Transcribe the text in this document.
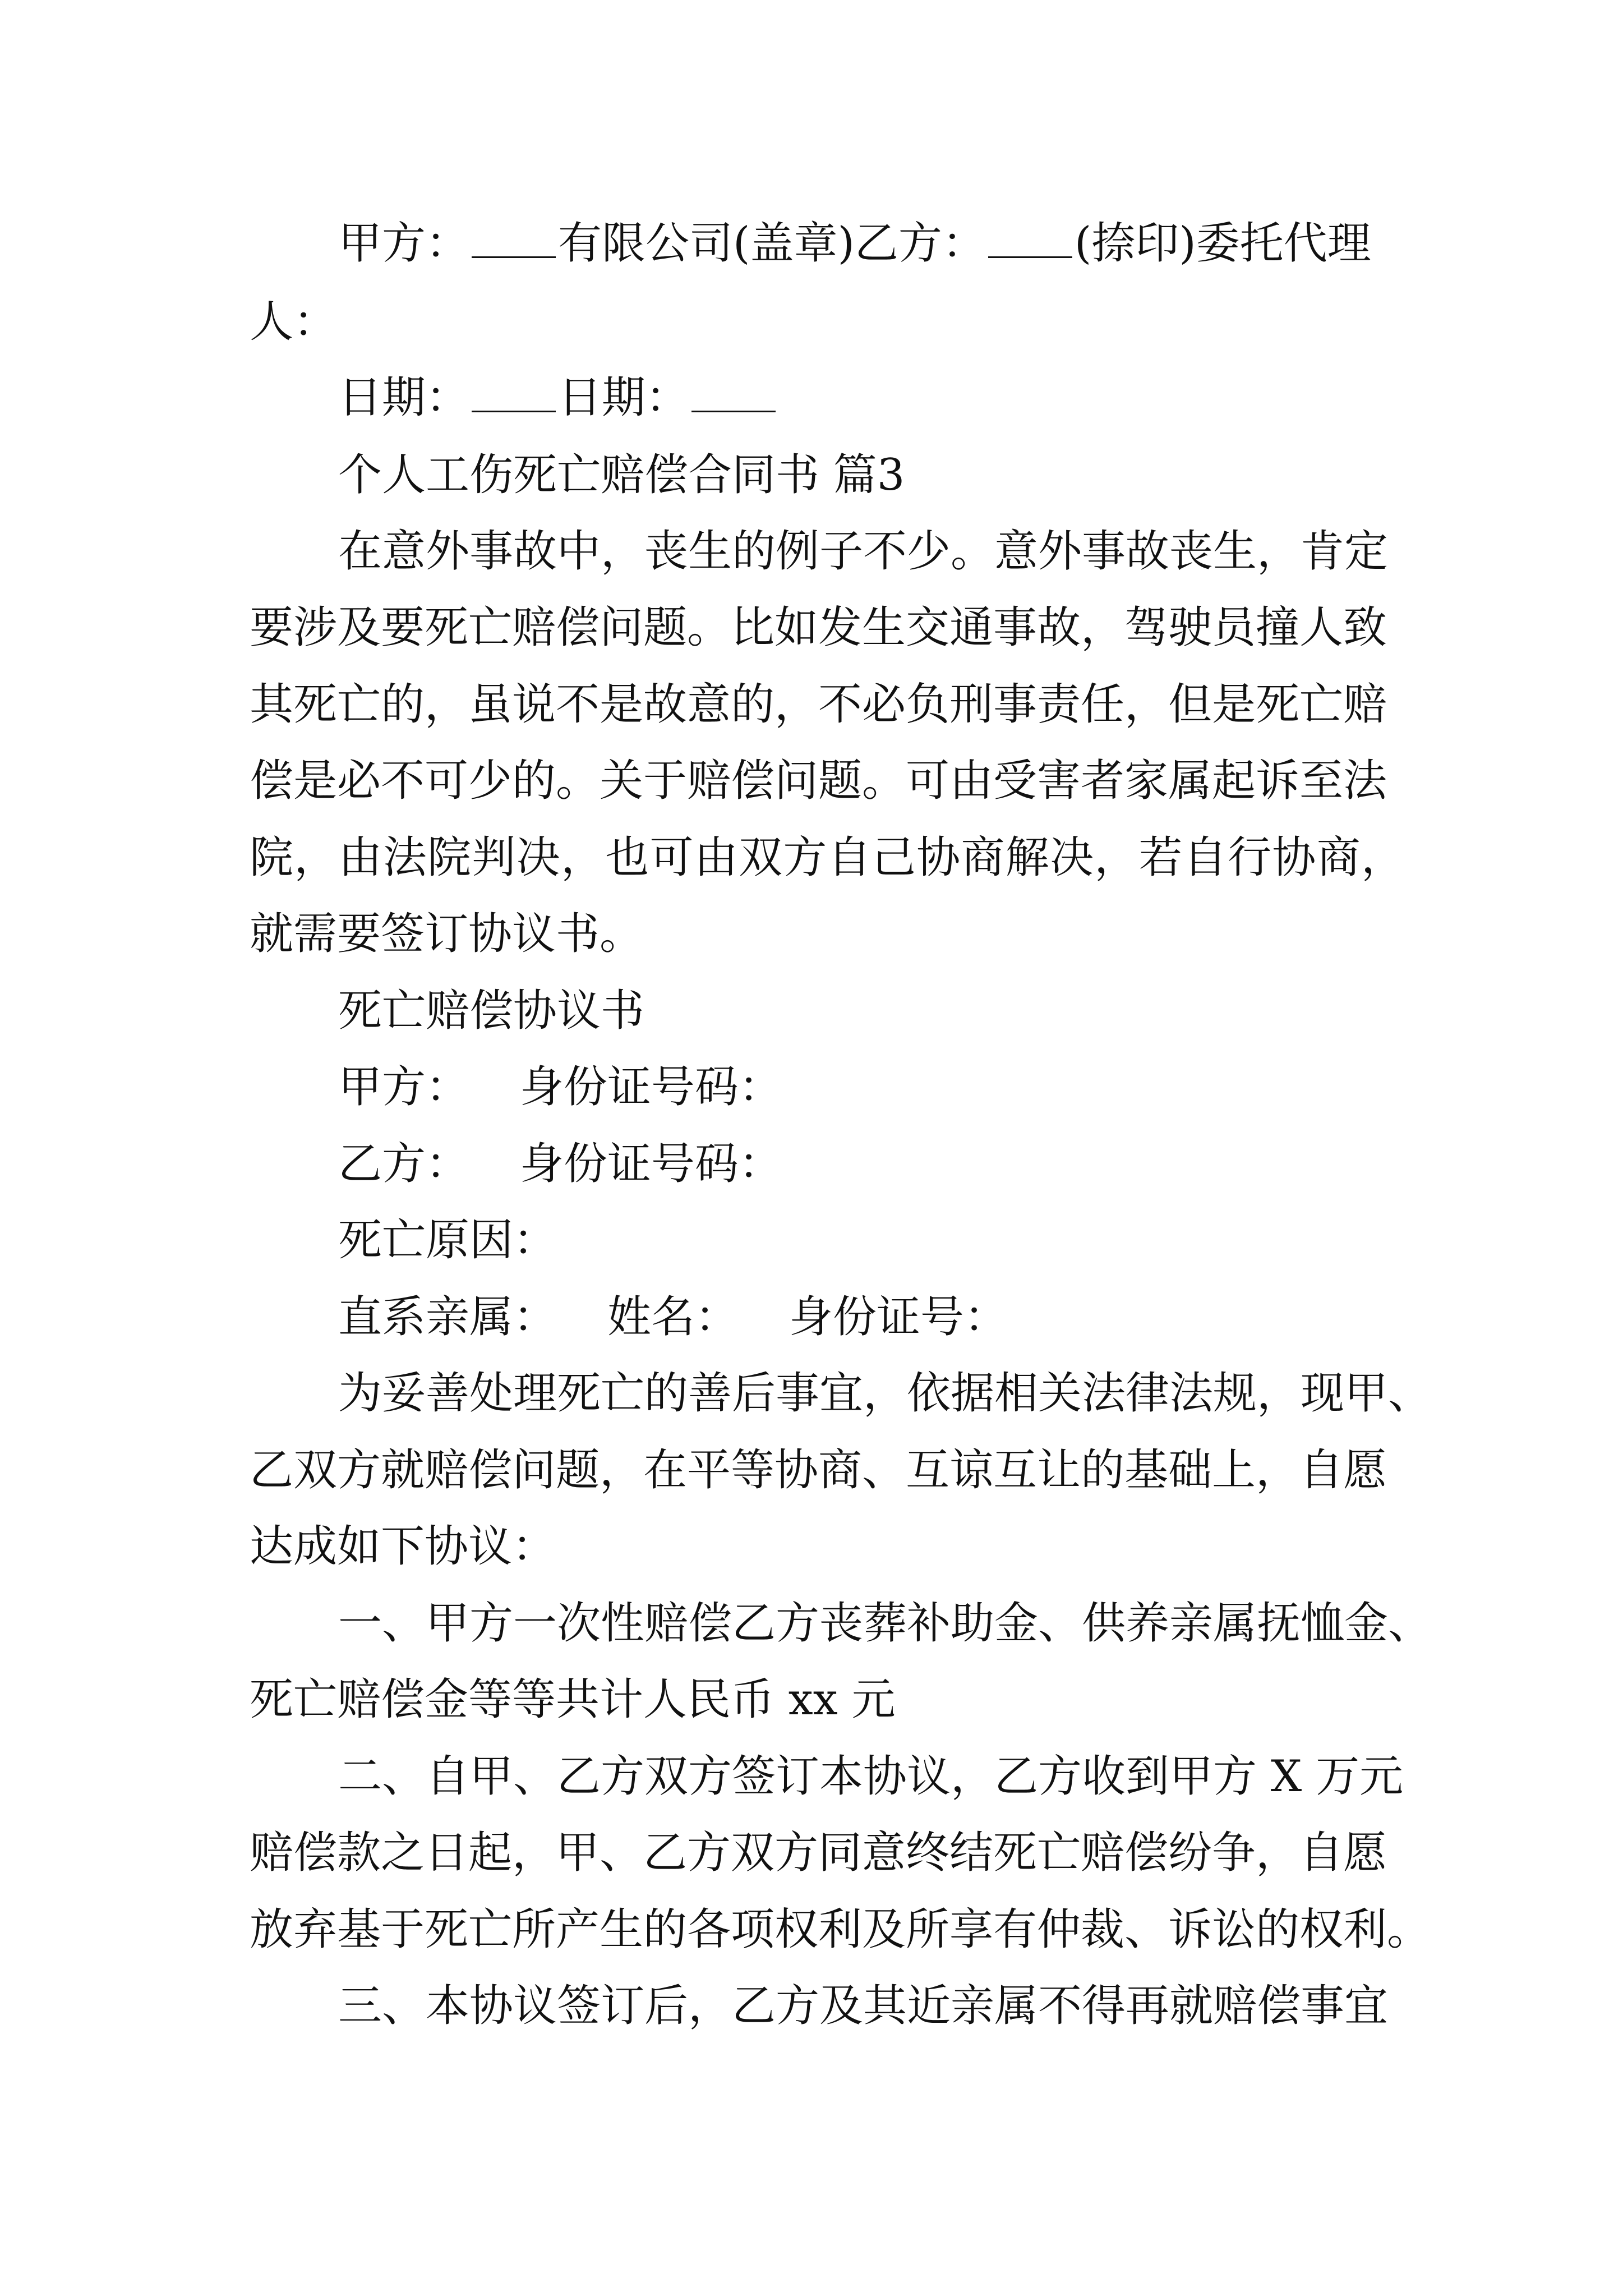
甲方： 有限公司(盖章)乙方： (捺印)委托代理
人：
日期： 日期：
个人工伤死亡赔偿合同书 篇3
在意外事故中，丧生的例子不少。意外事故丧生，肯定
要涉及要死亡赔偿问题。比如发生交通事故，驾驶员撞人致
其死亡的，虽说不是故意的，不必负刑事责任，但是死亡赔
偿是必不可少的。关于赔偿问题。可由受害者家属起诉至法
院，由法院判决，也可由双方自己协商解决，若自行协商，
就需要签订协议书。
死亡赔偿协议书
甲方： 身份证号码：
乙方： 身份证号码：
死亡原因：
直系亲属： 姓名： 身份证号：
为妥善处理死亡的善后事宜，依据相关法律法规，现甲、
乙双方就赔偿问题，在平等协商、互谅互让的基础上，自愿
达成如下协议：
一、甲方一次性赔偿乙方丧葬补助金、供养亲属抚恤金、
死亡赔偿金等等共计人民币 xx 元
二、自甲、乙方双方签订本协议，乙方收到甲方 X 万元
赔偿款之日起，甲、乙方双方同意终结死亡赔偿纷争，自愿
放弃基于死亡所产生的各项权利及所享有仲裁、诉讼的权利。
三、本协议签订后，乙方及其近亲属不得再就赔偿事宜
